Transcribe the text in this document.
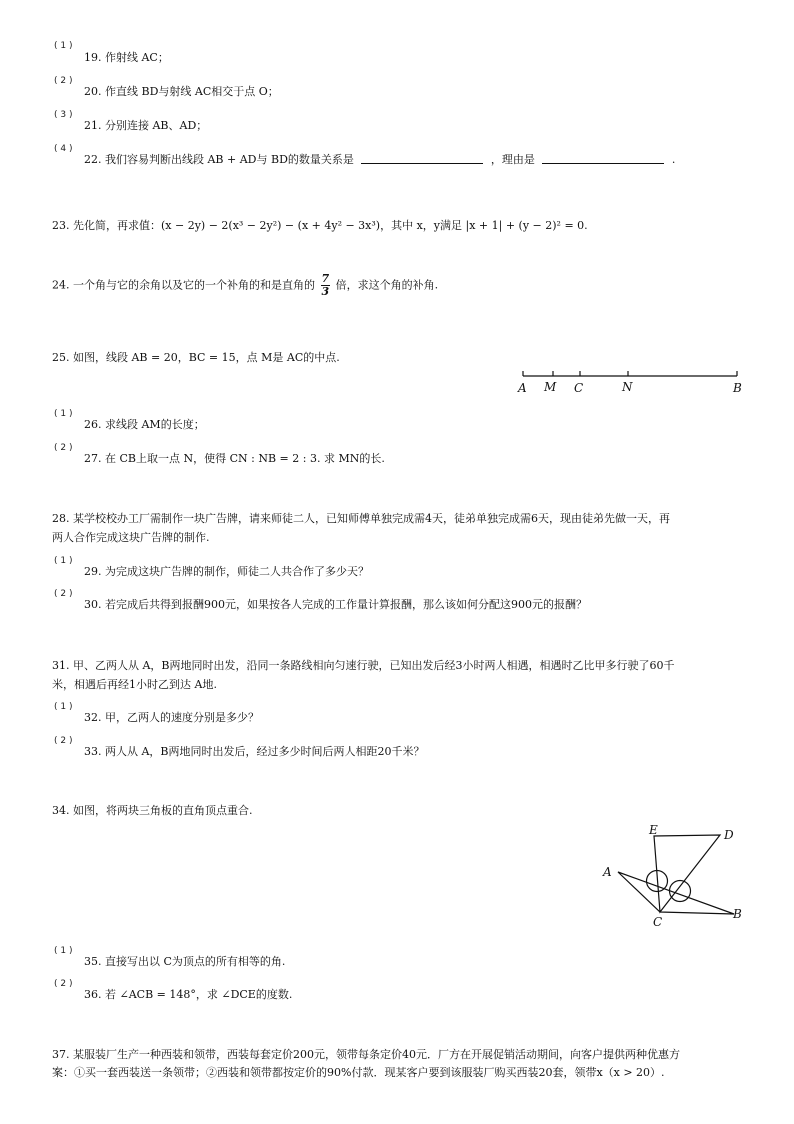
( 1 )
19. 作射线 AC；
( 2 )
20. 作直线 BD与射线 AC相交于点 O；
( 3 )
21. 分别连接 AB、AD；
( 4 )
22. 我们容易判断出线段 AB + AD与 BD的数量关系是	，理由是	.
23. 先化简，再求值：(x − 2y) − 2(x³ − 2y²) − (x + 4y² − 3x³)，其中 x，y满足 |x + 1| + (y − 2)² = 0.
24. 一个角与它的余角以及它的一个补角的和是直角的 $\frac{7}{3}$ 倍，求这个角的补角.
25. 如图，线段 AB = 20，BC = 15，点 M是 AC的中点.
A M C	N	B
( 1 )
26. 求线段 AM的长度；
( 2 )
27. 在 CB上取一点 N，使得 CN : NB = 2 : 3. 求 MN的长.
28. 某学校校办工厂需制作一块广告牌，请来师徒二人，已知师傅单独完成需4天，徒弟单独完成需6天，现由徒弟先做一天，再
两人合作完成这块广告牌的制作.
( 1 )
29. 为完成这块广告牌的制作，师徒二人共合作了多少天？
( 2 )
30. 若完成后共得到报酬900元，如果按各人完成的工作量计算报酬，那么该如何分配这900元的报酬？
31. 甲、乙两人从 A，B两地同时出发，沿同一条路线相向匀速行驶，已知出发后经3小时两人相遇，相遇时乙比甲多行驶了60千
米，相遇后再经1小时乙到达 A地.
( 1 )
32. 甲，乙两人的速度分别是多少？
( 2 )
33. 两人从 A，B两地同时出发后，经过多少时间后两人相距20千米？
34. 如图，将两块三角板的直角顶点重合.
E	D
A
C
B
( 1 )
35. 直接写出以 C为顶点的所有相等的角.
( 2 )
36. 若 ∠ACB = 148°，求 ∠DCE的度数.
37. 某服装厂生产一种西装和领带，西装每套定价200元，领带每条定价40元．厂方在开展促销活动期间，向客户提供两种优惠方
案：①买一套西装送一条领带；②西装和领带都按定价的90%付款．现某客户要到该服装厂购买西装20套，领带x（x > 20）.
